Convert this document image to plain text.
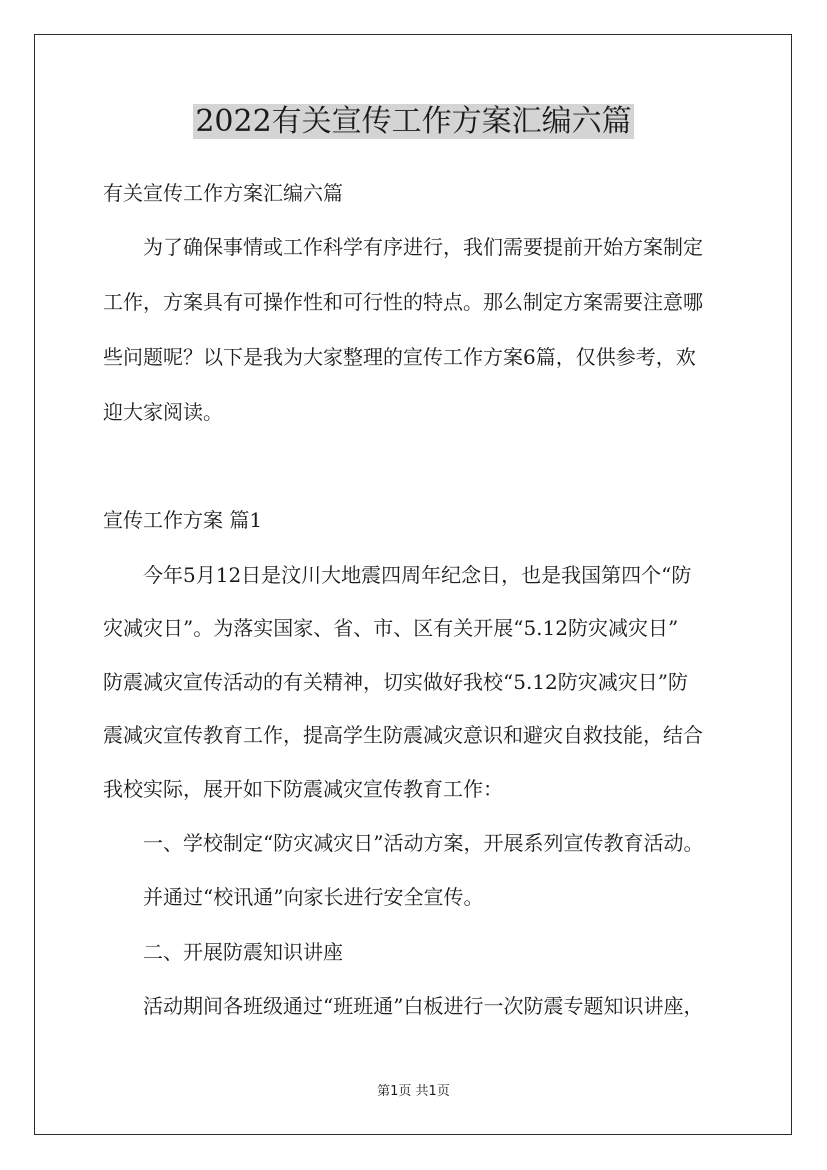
2022有关宣传工作方案汇编六篇
有关宣传工作方案汇编六篇
为了确保事情或工作科学有序进行，我们需要提前开始方案制定
工作，方案具有可操作性和可行性的特点。那么制定方案需要注意哪
些问题呢？以下是我为大家整理的宣传工作方案6篇，仅供参考，欢
迎大家阅读。
宣传工作方案 篇1
今年5月12日是汶川大地震四周年纪念日，也是我国第四个“防
灾减灾日”。为落实国家、省、市、区有关开展“5.12防灾减灾日”
防震减灾宣传活动的有关精神，切实做好我校“5.12防灾减灾日”防
震减灾宣传教育工作，提高学生防震减灾意识和避灾自救技能，结合
我校实际，展开如下防震减灾宣传教育工作：
一、学校制定“防灾减灾日”活动方案，开展系列宣传教育活动。
并通过“校讯通”向家长进行安全宣传。
二、开展防震知识讲座
活动期间各班级通过“班班通”白板进行一次防震专题知识讲座，
第1页 共1页
